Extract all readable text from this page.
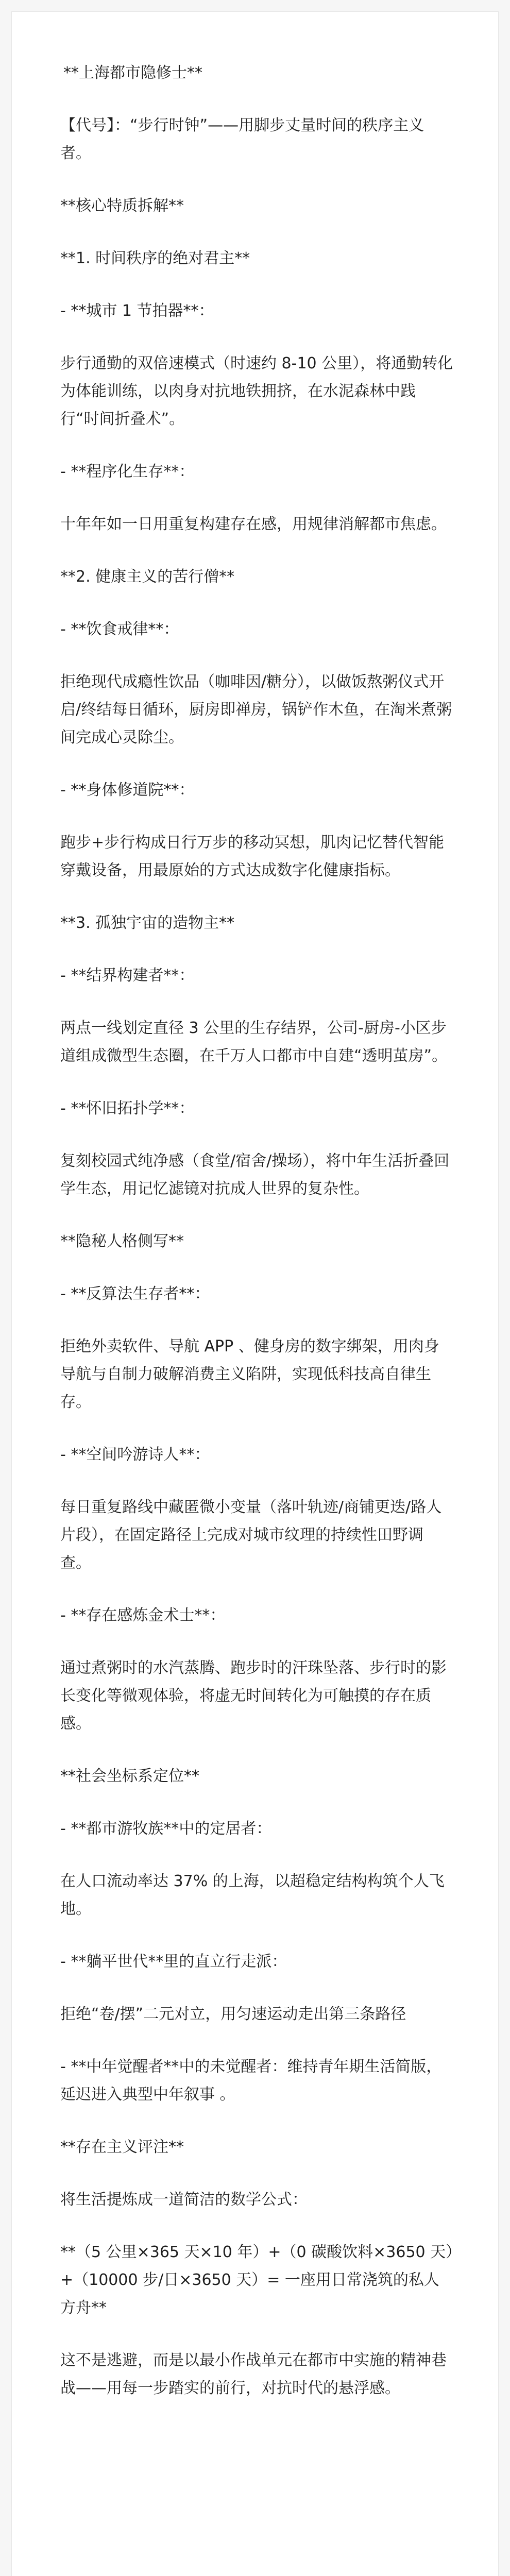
**上海都市隐修士**
【代号】：“步行时钟”——用脚步丈量时间的秩序主义者。
**核心特质拆解**
**1. 时间秩序的绝对君主**
- **城市 1 节拍器**：
步行通勤的双倍速模式（时速约 8-10 公里），将通勤转化为体能训练，以肉身对抗地铁拥挤，在水泥森林中践行“时间折叠术”。
- **程序化生存**：
十年年如一日用重复构建存在感，用规律消解都市焦虑。
**2. 健康主义的苦行僧**
- **饮食戒律**：
拒绝现代成瘾性饮品（咖啡因/糖分），以做饭熬粥仪式开启/终结每日循环，厨房即禅房，锅铲作木鱼，在淘米煮粥间完成心灵除尘。
- **身体修道院**：
跑步+步行构成日行万步的移动冥想，肌肉记忆替代智能穿戴设备，用最原始的方式达成数字化健康指标。
**3. 孤独宇宙的造物主**
- **结界构建者**：
两点一线划定直径 3 公里的生存结界，公司-厨房-小区步道组成微型生态圈，在千万人口都市中自建“透明茧房”。
- **怀旧拓扑学**：
复刻校园式纯净感（食堂/宿舍/操场），将中年生活折叠回学生态，用记忆滤镜对抗成人世界的复杂性。
**隐秘人格侧写**
- **反算法生存者**：
拒绝外卖软件、导航 APP 、健身房的数字绑架，用肉身导航与自制力破解消费主义陷阱，实现低科技高自律生存。
- **空间吟游诗人**：
每日重复路线中藏匿微小变量（落叶轨迹/商铺更迭/路人片段），在固定路径上完成对城市纹理的持续性田野调查。
- **存在感炼金术士**：
通过煮粥时的水汽蒸腾、跑步时的汗珠坠落、步行时的影长变化等微观体验，将虚无时间转化为可触摸的存在质感。
**社会坐标系定位**
- **都市游牧族**中的定居者：
在人口流动率达 37% 的上海，以超稳定结构构筑个人飞地。
- **躺平世代**里的直立行走派：
拒绝“卷/摆”二元对立，用匀速运动走出第三条路径
- **中年觉醒者**中的未觉醒者：维持青年期生活简版，延迟进入典型中年叙事 。
**存在主义评注**
将生活提炼成一道简洁的数学公式：
**（5 公里×365 天×10 年）+（0 碳酸饮料×3650 天）+（10000 步/日×3650 天）= 一座用日常浇筑的私人方舟**
这不是逃避，而是以最小作战单元在都市中实施的精神巷战——用每一步踏实的前行，对抗时代的悬浮感。
